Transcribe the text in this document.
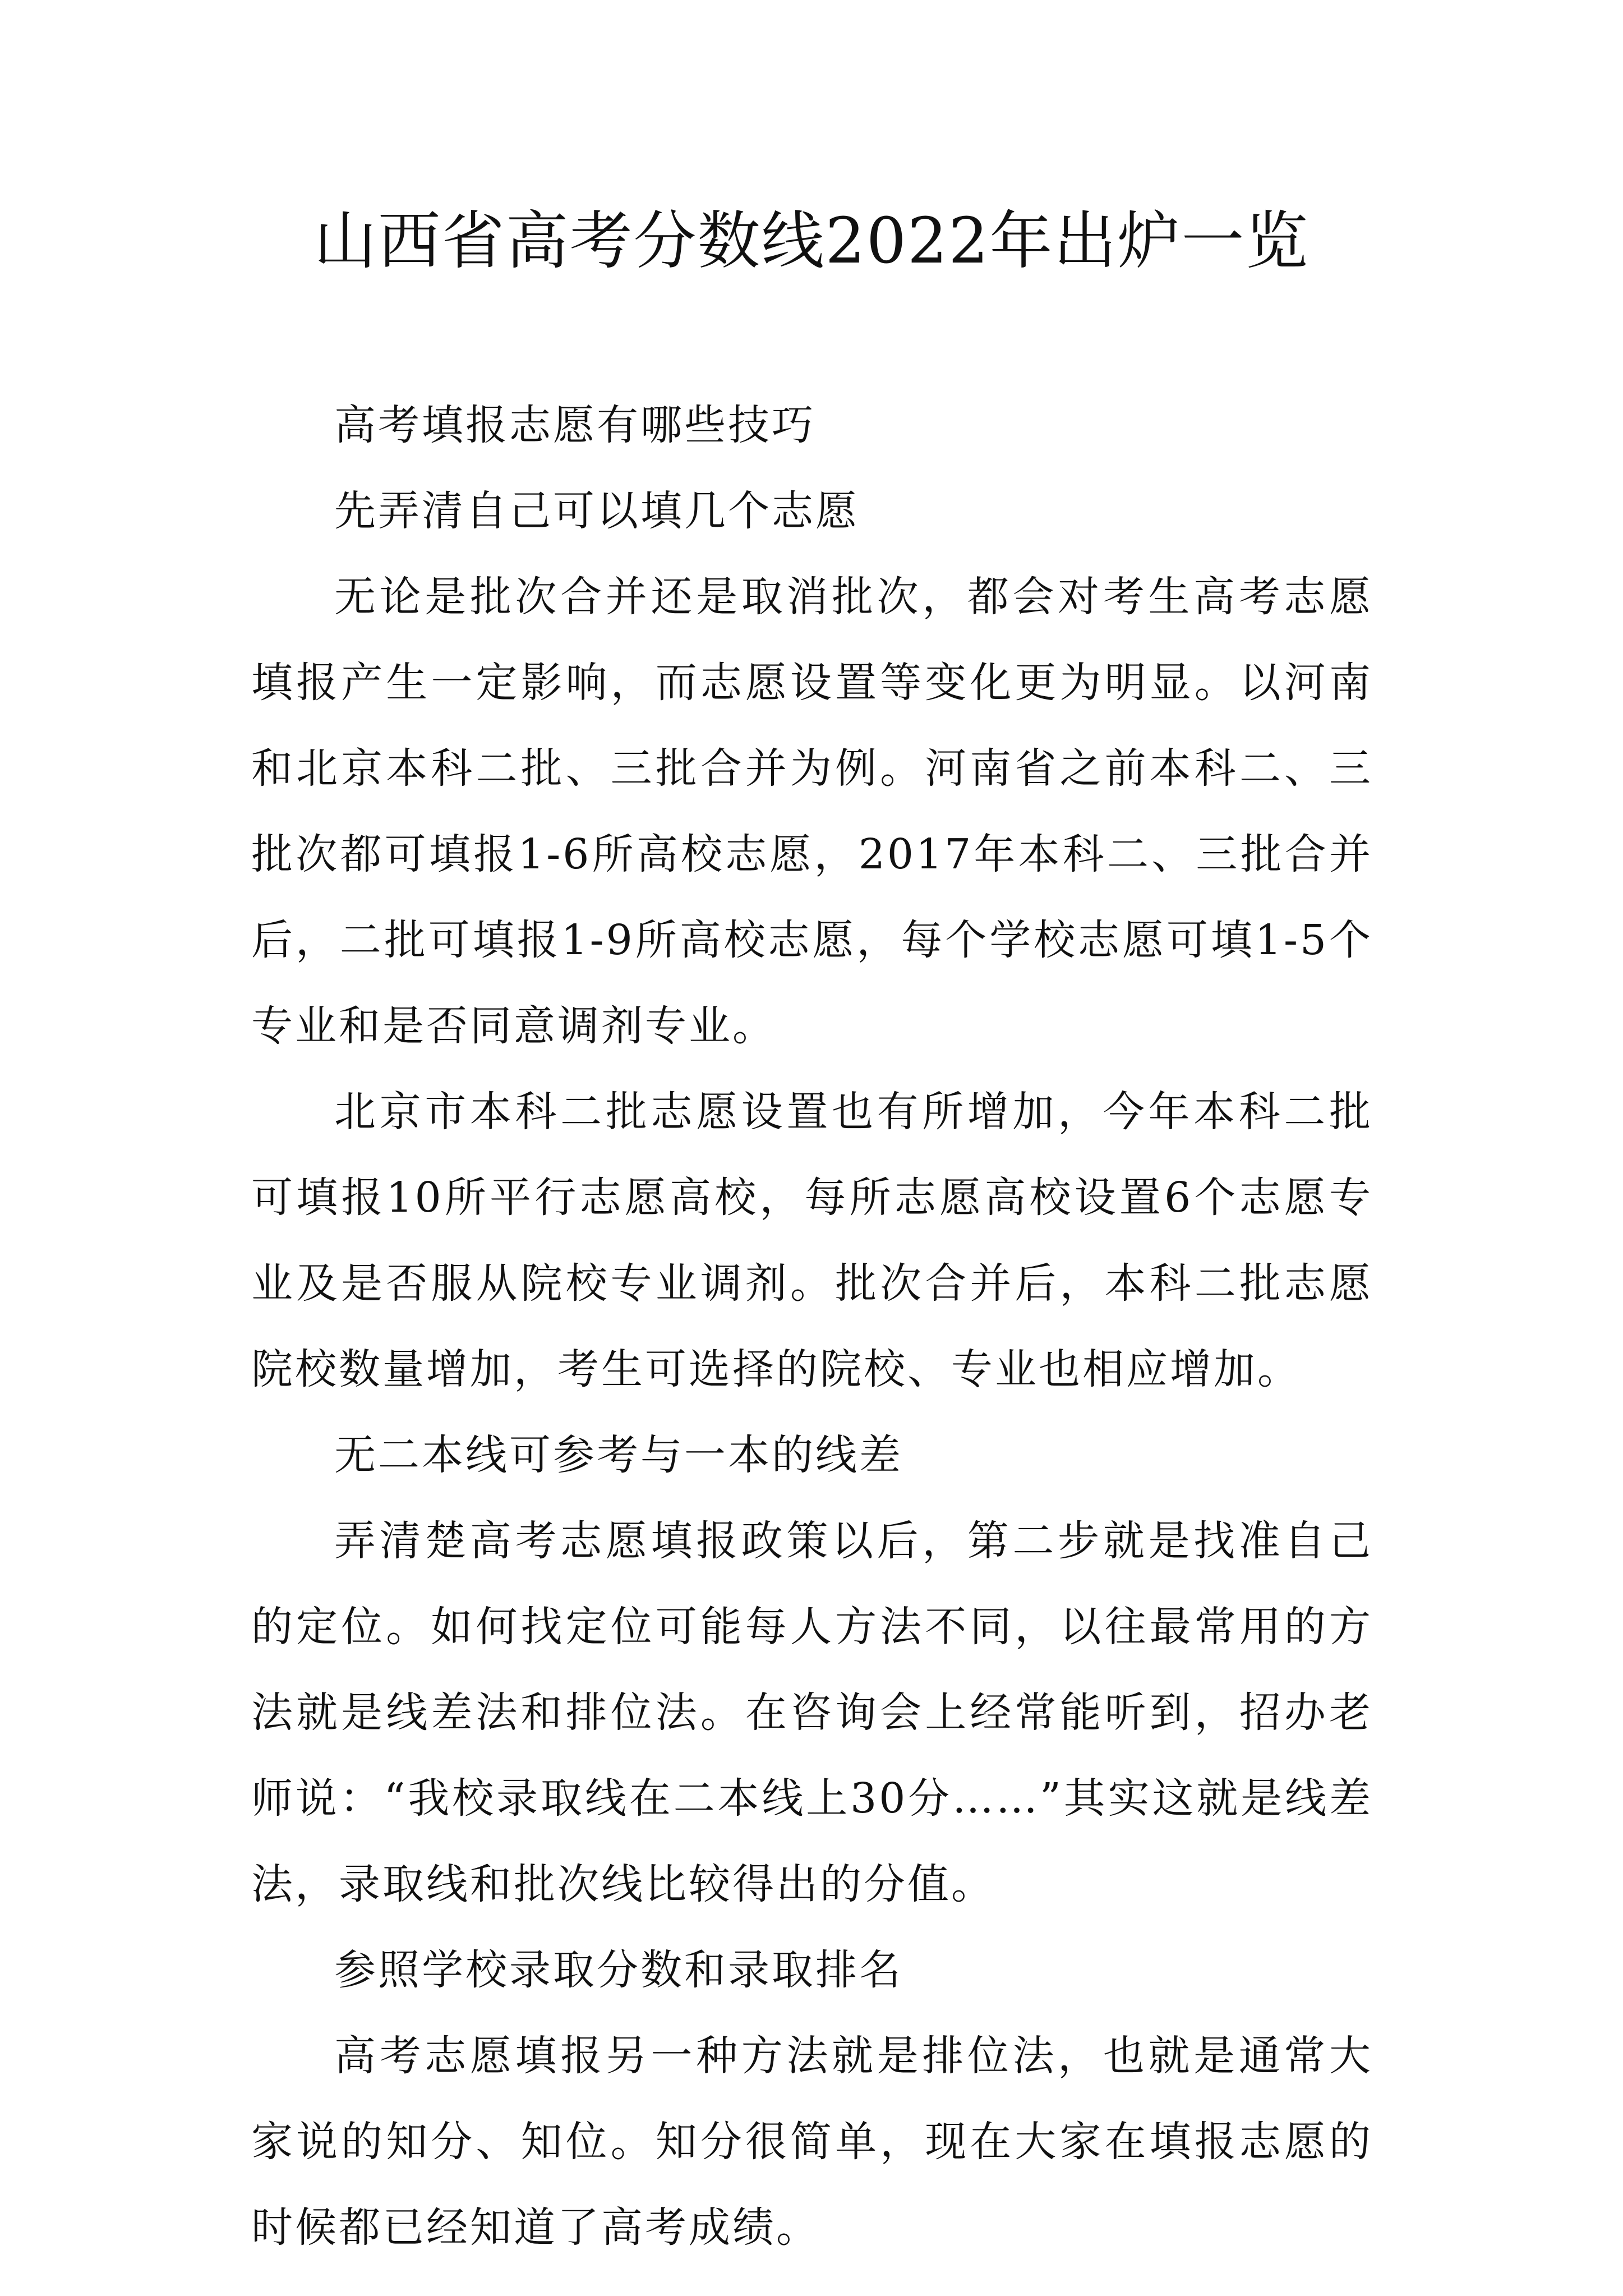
山西省高考分数线2022年出炉一览

高考填报志愿有哪些技巧

先弄清自己可以填几个志愿

无论是批次合并还是取消批次，都会对考生高考志愿填报产生一定影响，而志愿设置等变化更为明显。以河南和北京本科二批、三批合并为例。河南省之前本科二、三批次都可填报1-6所高校志愿，2017年本科二、三批合并后，二批可填报1-9所高校志愿，每个学校志愿可填1-5个专业和是否同意调剂专业。

北京市本科二批志愿设置也有所增加，今年本科二批可填报10所平行志愿高校，每所志愿高校设置6个志愿专业及是否服从院校专业调剂。批次合并后，本科二批志愿院校数量增加，考生可选择的院校、专业也相应增加。

无二本线可参考与一本的线差

弄清楚高考志愿填报政策以后，第二步就是找准自己的定位。如何找定位可能每人方法不同，以往最常用的方法就是线差法和排位法。在咨询会上经常能听到，招办老师说：“我校录取线在二本线上30分……”其实这就是线差法，录取线和批次线比较得出的分值。

参照学校录取分数和录取排名

高考志愿填报另一种方法就是排位法，也就是通常大家说的知分、知位。知分很简单，现在大家在填报志愿的时候都已经知道了高考成绩。
